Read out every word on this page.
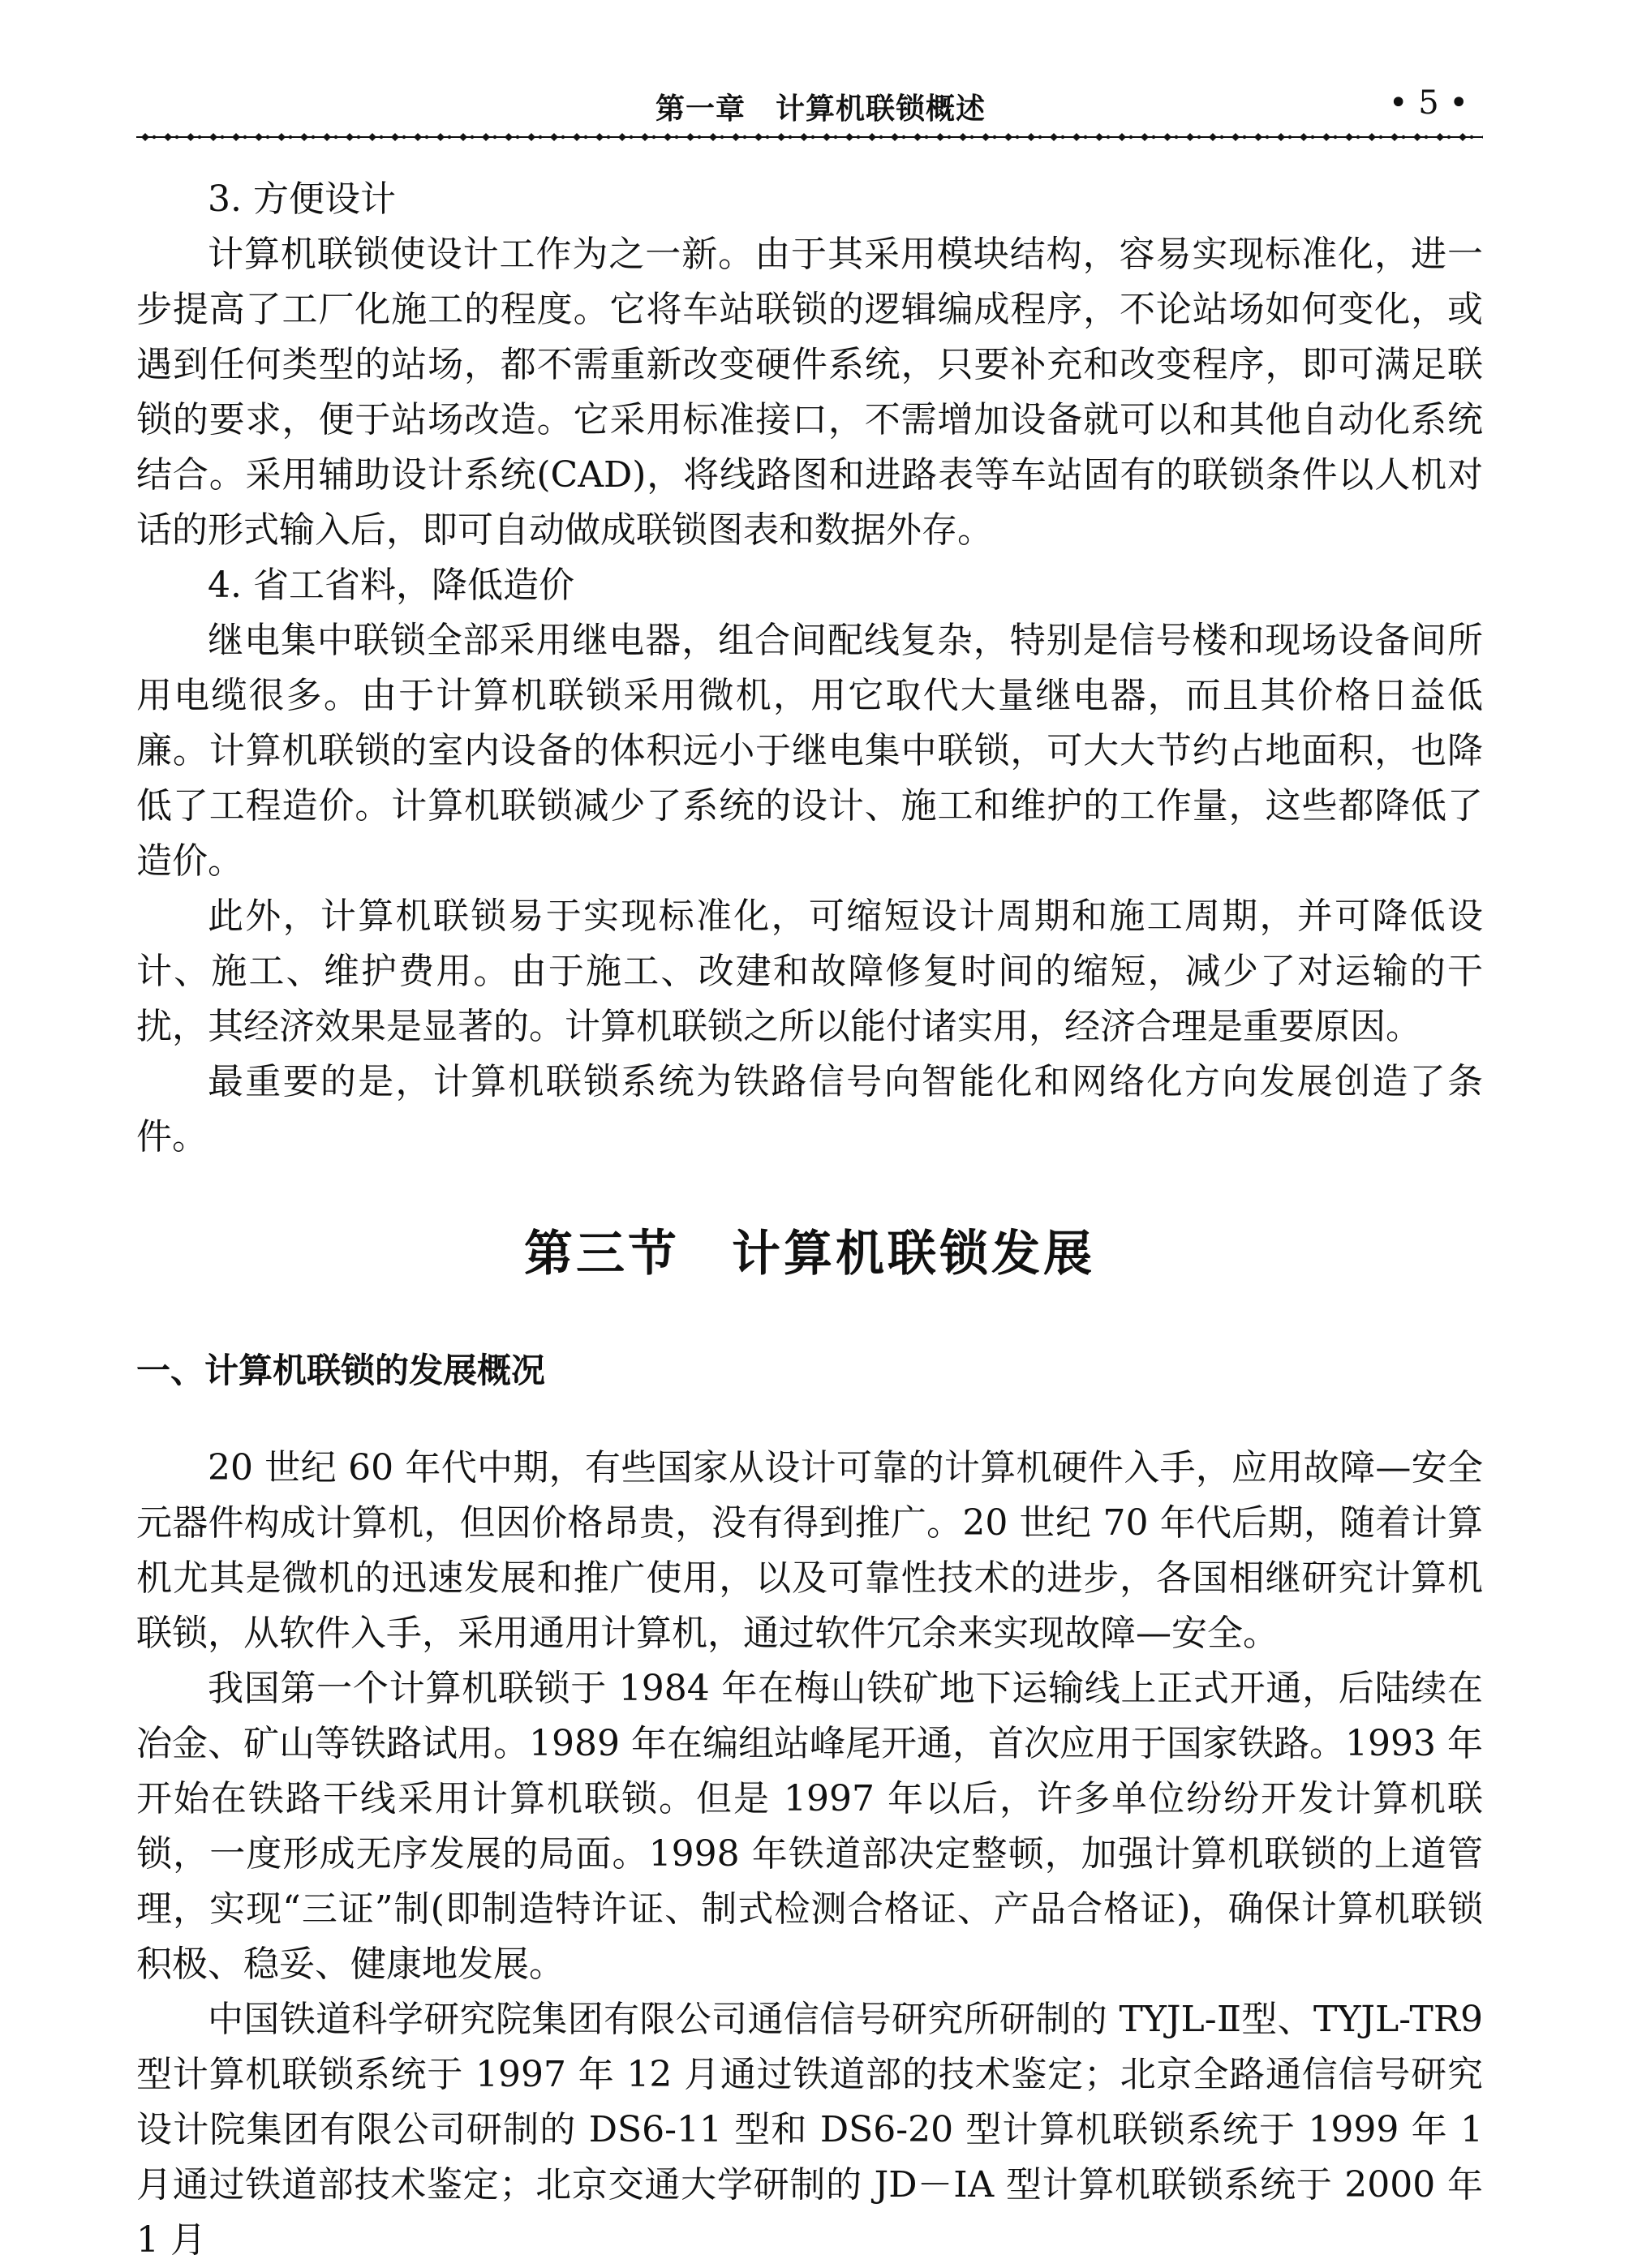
第一章　计算机联锁概述	• 5 •

3. 方便设计

计算机联锁使设计工作为之一新。由于其采用模块结构，容易实现标准化，进一步提高了工厂化施工的程度。它将车站联锁的逻辑编成程序，不论站场如何变化，或遇到任何类型的站场，都不需重新改变硬件系统，只要补充和改变程序，即可满足联锁的要求，便于站场改造。它采用标准接口，不需增加设备就可以和其他自动化系统结合。采用辅助设计系统(CAD)，将线路图和进路表等车站固有的联锁条件以人机对话的形式输入后，即可自动做成联锁图表和数据外存。

4. 省工省料，降低造价

继电集中联锁全部采用继电器，组合间配线复杂，特别是信号楼和现场设备间所用电缆很多。由于计算机联锁采用微机，用它取代大量继电器，而且其价格日益低廉。计算机联锁的室内设备的体积远小于继电集中联锁，可大大节约占地面积，也降低了工程造价。计算机联锁减少了系统的设计、施工和维护的工作量，这些都降低了造价。

此外，计算机联锁易于实现标准化，可缩短设计周期和施工周期，并可降低设计、施工、维护费用。由于施工、改建和故障修复时间的缩短，减少了对运输的干扰，其经济效果是显著的。计算机联锁之所以能付诸实用，经济合理是重要原因。

最重要的是，计算机联锁系统为铁路信号向智能化和网络化方向发展创造了条件。

第三节　计算机联锁发展
一、计算机联锁的发展概况

20 世纪 60 年代中期，有些国家从设计可靠的计算机硬件入手，应用故障—安全元器件构成计算机，但因价格昂贵，没有得到推广。20 世纪 70 年代后期，随着计算机尤其是微机的迅速发展和推广使用，以及可靠性技术的进步，各国相继研究计算机联锁，从软件入手，采用通用计算机，通过软件冗余来实现故障—安全。

我国第一个计算机联锁于 1984 年在梅山铁矿地下运输线上正式开通，后陆续在冶金、矿山等铁路试用。1989 年在编组站峰尾开通，首次应用于国家铁路。1993 年开始在铁路干线采用计算机联锁。但是 1997 年以后，许多单位纷纷开发计算机联锁，一度形成无序发展的局面。1998 年铁道部决定整顿，加强计算机联锁的上道管理，实现“三证”制(即制造特许证、制式检测合格证、产品合格证)，确保计算机联锁积极、稳妥、健康地发展。

中国铁道科学研究院集团有限公司通信信号研究所研制的 TYJL-Ⅱ型、TYJL-TR9 型计算机联锁系统于 1997 年 12 月通过铁道部的技术鉴定；北京全路通信信号研究设计院集团有限公司研制的 DS6-11 型和 DS6-20 型计算机联锁系统于 1999 年 1 月通过铁道部技术鉴定；北京交通大学研制的 JD－ⅠA 型计算机联锁系统于 2000 年 1 月
